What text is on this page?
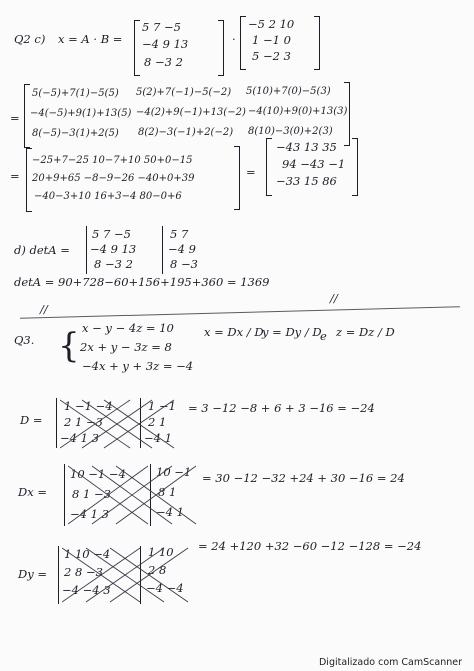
Q2 c) x = A · B =
5 7 −5
−4 9 13
8 −3 2
·
−5 2 10
1 −1 0
5 −2 3
=
5(−5)+7(1)−5(5) 5(2)+7(−1)−5(−2) 5(10)+7(0)−5(3)
−4(−5)+9(1)+13(5) −4(2)+9(−1)+13(−2) −4(10)+9(0)+13(3)
8(−5)−3(1)+2(5) 8(2)−3(−1)+2(−2) 8(10)−3(0)+2(3)
=
−25+7−25 10−7+10 50+0−15
20+9+65 −8−9−26 −40+0+39
−40−3+10 16+3−4 80−0+6
=
−43 13 35
94 −43 −1
−33 15 86
d) detA =
5 7 −5
−4 9 13
8 −3 2
5 7
−4 9
8 −3
detA = 90+728−60+156+195+360 = 1369
//
//
Q3. { x − y − 4z = 10
2x + y − 3z = 8
−4x + y + 3z = −4
x = Dx / D
y = Dy / D
e z = Dz / D
D =
1 −1 −4
2 1 −3
−4 1 3
1 −1
2 1
−4 1
= 3 −12 −8 + 6 + 3 −16 = −24
Dx =
10 −1 −4
8 1 −3
−4 1 3
10 −1
8 1
−4 1
= 30 −12 −32 +24 + 30 −16 = 24
Dy =
1 10 −4
2 8 −3
−4 −4 3
1 10
2 8
−4 −4
= 24 +120 +32 −60 −12 −128 = −24
Digitalizado com CamScanner
